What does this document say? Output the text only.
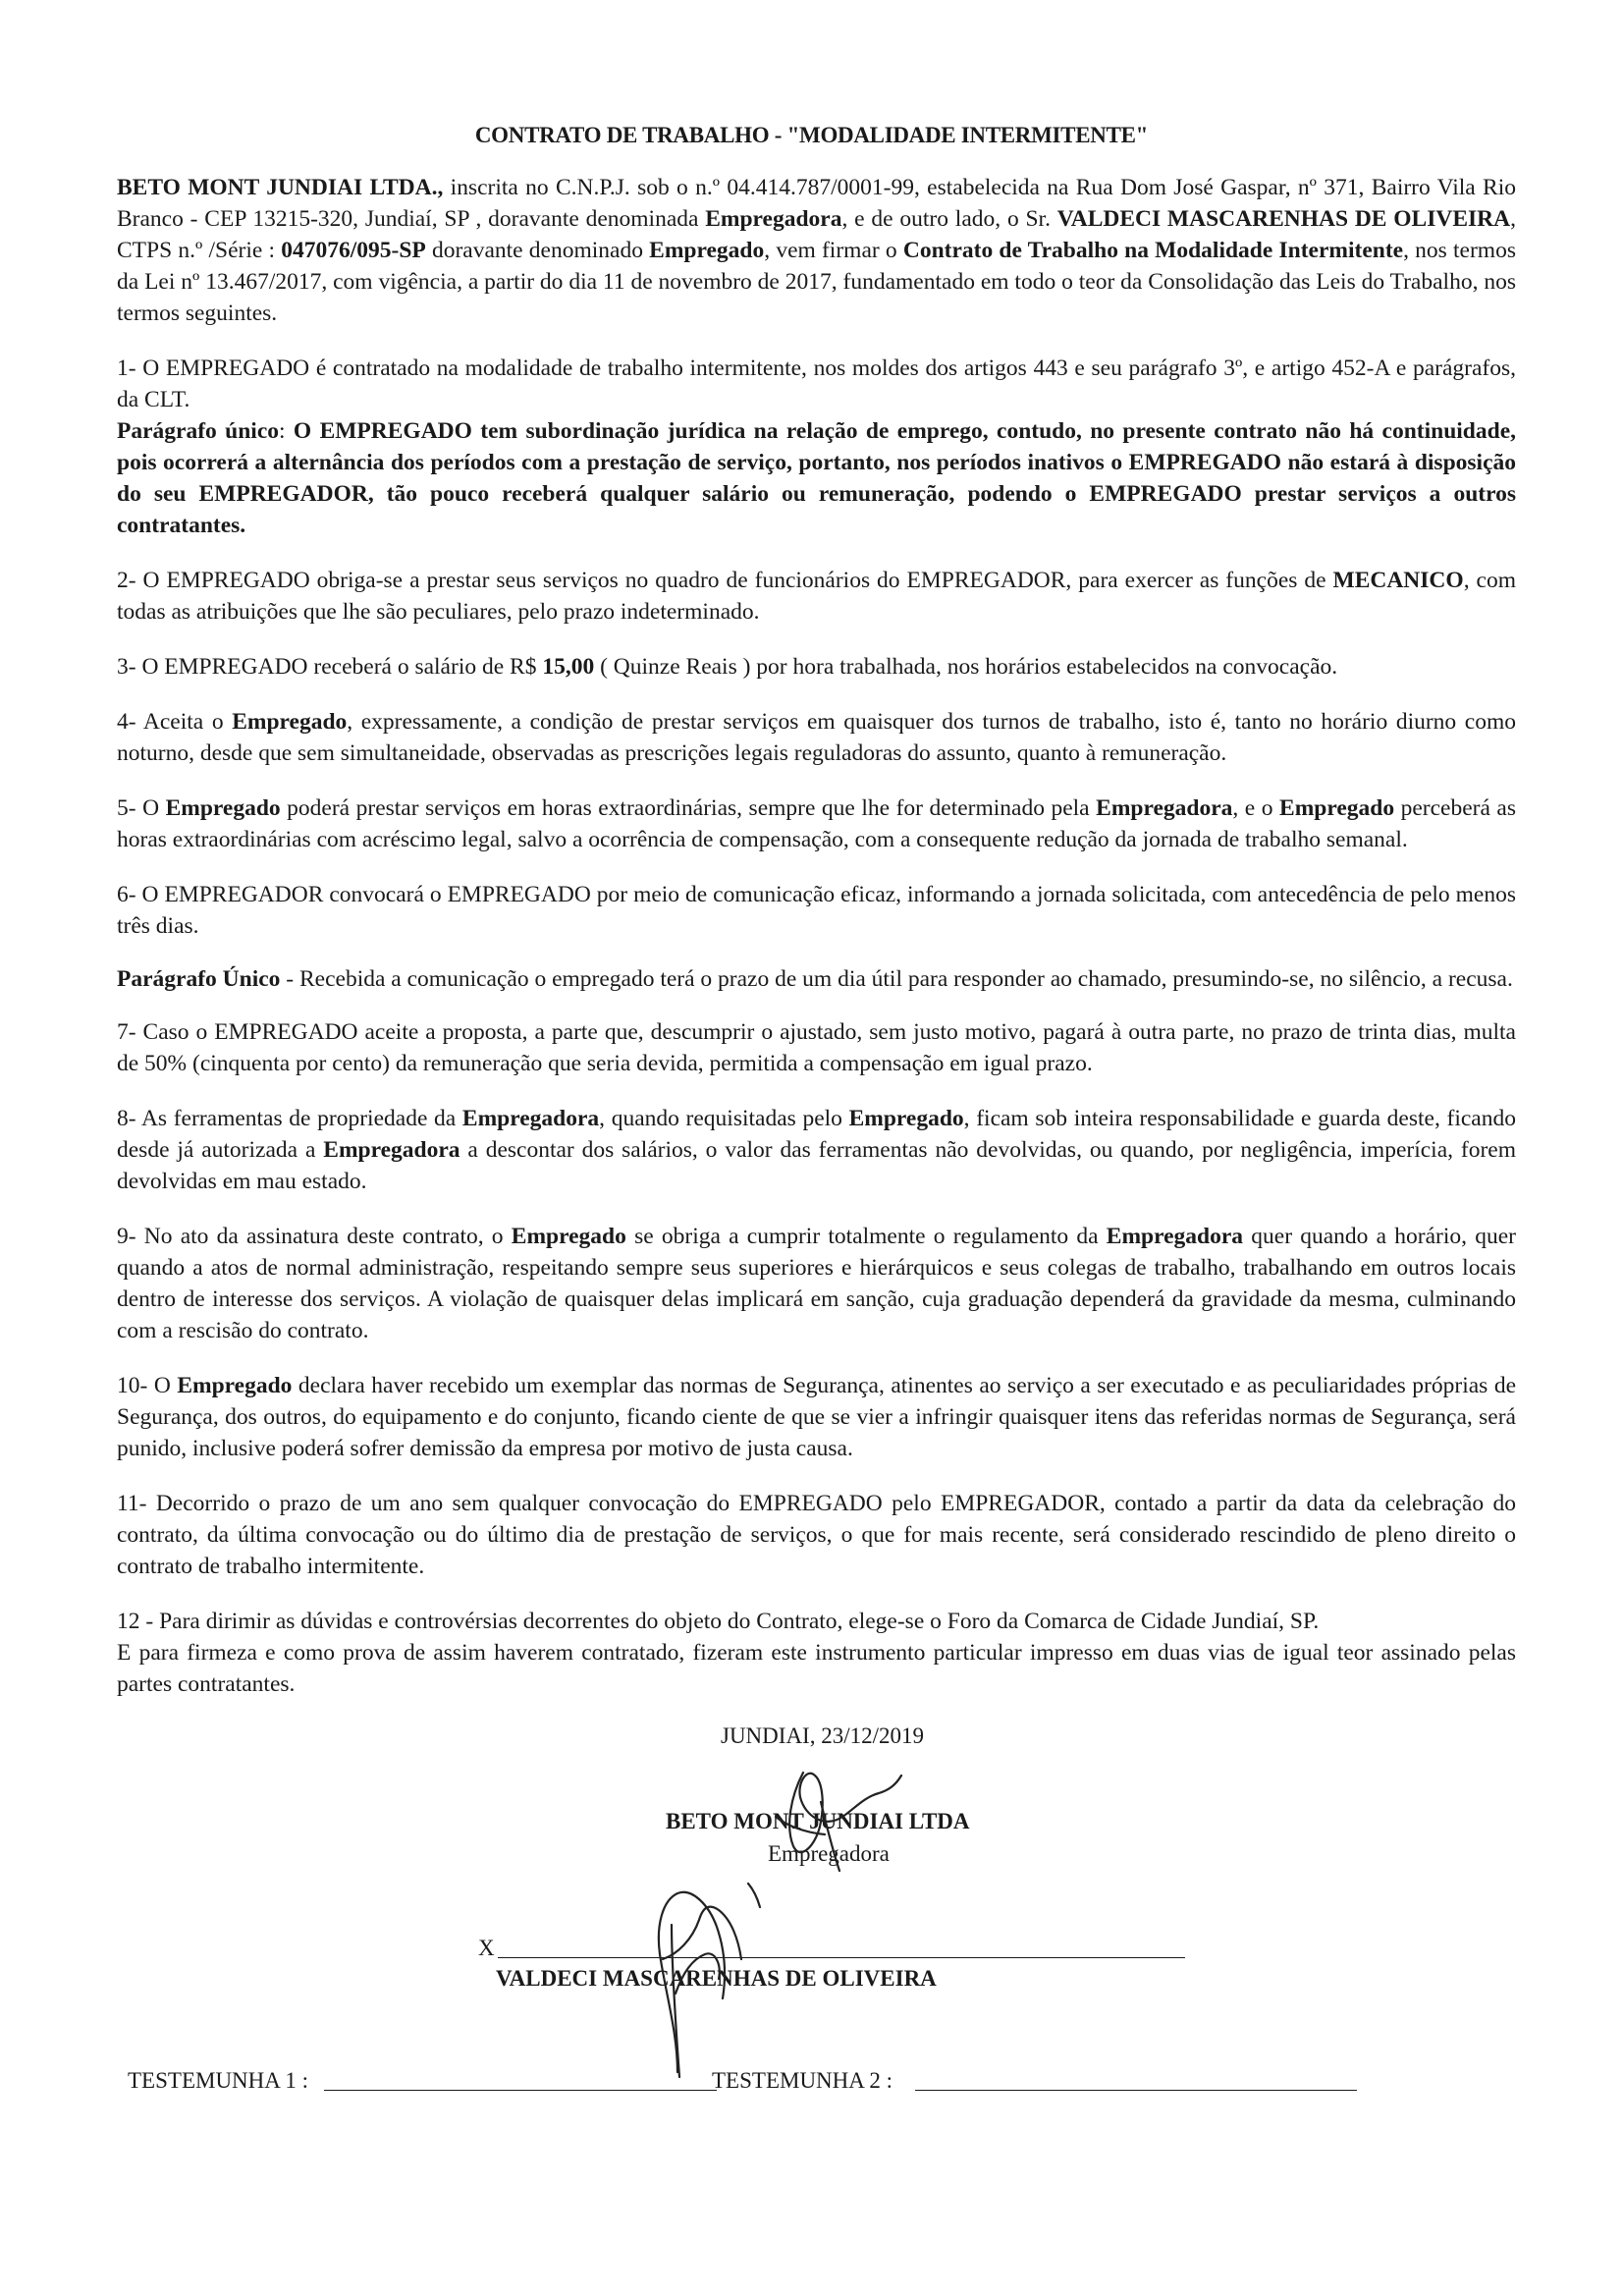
CONTRATO DE TRABALHO - "MODALIDADE INTERMITENTE"

BETO MONT JUNDIAI LTDA., inscrita no C.N.P.J. sob o n.º 04.414.787/0001-99, estabelecida na Rua Dom José Gaspar, nº 371, Bairro Vila Rio Branco - CEP 13215-320, Jundiaí, SP , doravante denominada Empregadora, e de outro lado, o Sr. VALDECI MASCARENHAS DE OLIVEIRA, CTPS n.º /Série : 047076/095-SP doravante denominado Empregado, vem firmar o Contrato de Trabalho na Modalidade Intermitente, nos termos da Lei nº 13.467/2017, com vigência, a partir do dia 11 de novembro de 2017, fundamentado em todo o teor da Consolidação das Leis do Trabalho, nos termos seguintes.

1- O EMPREGADO é contratado na modalidade de trabalho intermitente, nos moldes dos artigos 443 e seu parágrafo 3º, e artigo 452-A e parágrafos, da CLT.

Parágrafo único: O EMPREGADO tem subordinação jurídica na relação de emprego, contudo, no presente contrato não há continuidade, pois ocorrerá a alternância dos períodos com a prestação de serviço, portanto, nos períodos inativos o EMPREGADO não estará à disposição do seu EMPREGADOR, tão pouco receberá qualquer salário ou remuneração, podendo o EMPREGADO prestar serviços a outros contratantes.

2- O EMPREGADO obriga-se a prestar seus serviços no quadro de funcionários do EMPREGADOR, para exercer as funções de MECANICO, com todas as atribuições que lhe são peculiares, pelo prazo indeterminado.

3- O EMPREGADO receberá o salário de R$ 15,00 ( Quinze Reais ) por hora trabalhada, nos horários estabelecidos na convocação.

4- Aceita o Empregado, expressamente, a condição de prestar serviços em quaisquer dos turnos de trabalho, isto é, tanto no horário diurno como noturno, desde que sem simultaneidade, observadas as prescrições legais reguladoras do assunto, quanto à remuneração.

5- O Empregado poderá prestar serviços em horas extraordinárias, sempre que lhe for determinado pela Empregadora, e o Empregado perceberá as horas extraordinárias com acréscimo legal, salvo a ocorrência de compensação, com a consequente redução da jornada de trabalho semanal.

6- O EMPREGADOR convocará o EMPREGADO por meio de comunicação eficaz, informando a jornada solicitada, com antecedência de pelo menos três dias.

Parágrafo Único - Recebida a comunicação o empregado terá o prazo de um dia útil para responder ao chamado, presumindo-se, no silêncio, a recusa.

7- Caso o EMPREGADO aceite a proposta, a parte que, descumprir o ajustado, sem justo motivo, pagará à outra parte, no prazo de trinta dias, multa de 50% (cinquenta por cento) da remuneração que seria devida, permitida a compensação em igual prazo.

8- As ferramentas de propriedade da Empregadora, quando requisitadas pelo Empregado, ficam sob inteira responsabilidade e guarda deste, ficando desde já autorizada a Empregadora a descontar dos salários, o valor das ferramentas não devolvidas, ou quando, por negligência, imperícia, forem devolvidas em mau estado.

9- No ato da assinatura deste contrato, o Empregado se obriga a cumprir totalmente o regulamento da Empregadora quer quando a horário, quer quando a atos de normal administração, respeitando sempre seus superiores e hierárquicos e seus colegas de trabalho, trabalhando em outros locais dentro de interesse dos serviços. A violação de quaisquer delas implicará em sanção, cuja graduação dependerá da gravidade da mesma, culminando com a rescisão do contrato.

10- O Empregado declara haver recebido um exemplar das normas de Segurança, atinentes ao serviço a ser executado e as peculiaridades próprias de Segurança, dos outros, do equipamento e do conjunto, ficando ciente de que se vier a infringir quaisquer itens das referidas normas de Segurança, será punido, inclusive poderá sofrer demissão da empresa por motivo de justa causa.

11- Decorrido o prazo de um ano sem qualquer convocação do EMPREGADO pelo EMPREGADOR, contado a partir da data da celebração do contrato, da última convocação ou do último dia de prestação de serviços, o que for mais recente, será considerado rescindido de pleno direito o contrato de trabalho intermitente.

12 - Para dirimir as dúvidas e controvérsias decorrentes do objeto do Contrato, elege-se o Foro da Comarca de Cidade Jundiaí, SP.

E para firmeza e como prova de assim haverem contratado, fizeram este instrumento particular impresso em duas vias de igual teor assinado pelas partes contratantes.

JUNDIAI, 23/12/2019
BETO MONT JUNDIAI LTDA
Empregadora
X
VALDECI MASCARENHAS DE OLIVEIRA
TESTEMUNHA 1 :	TESTEMUNHA 2 :
